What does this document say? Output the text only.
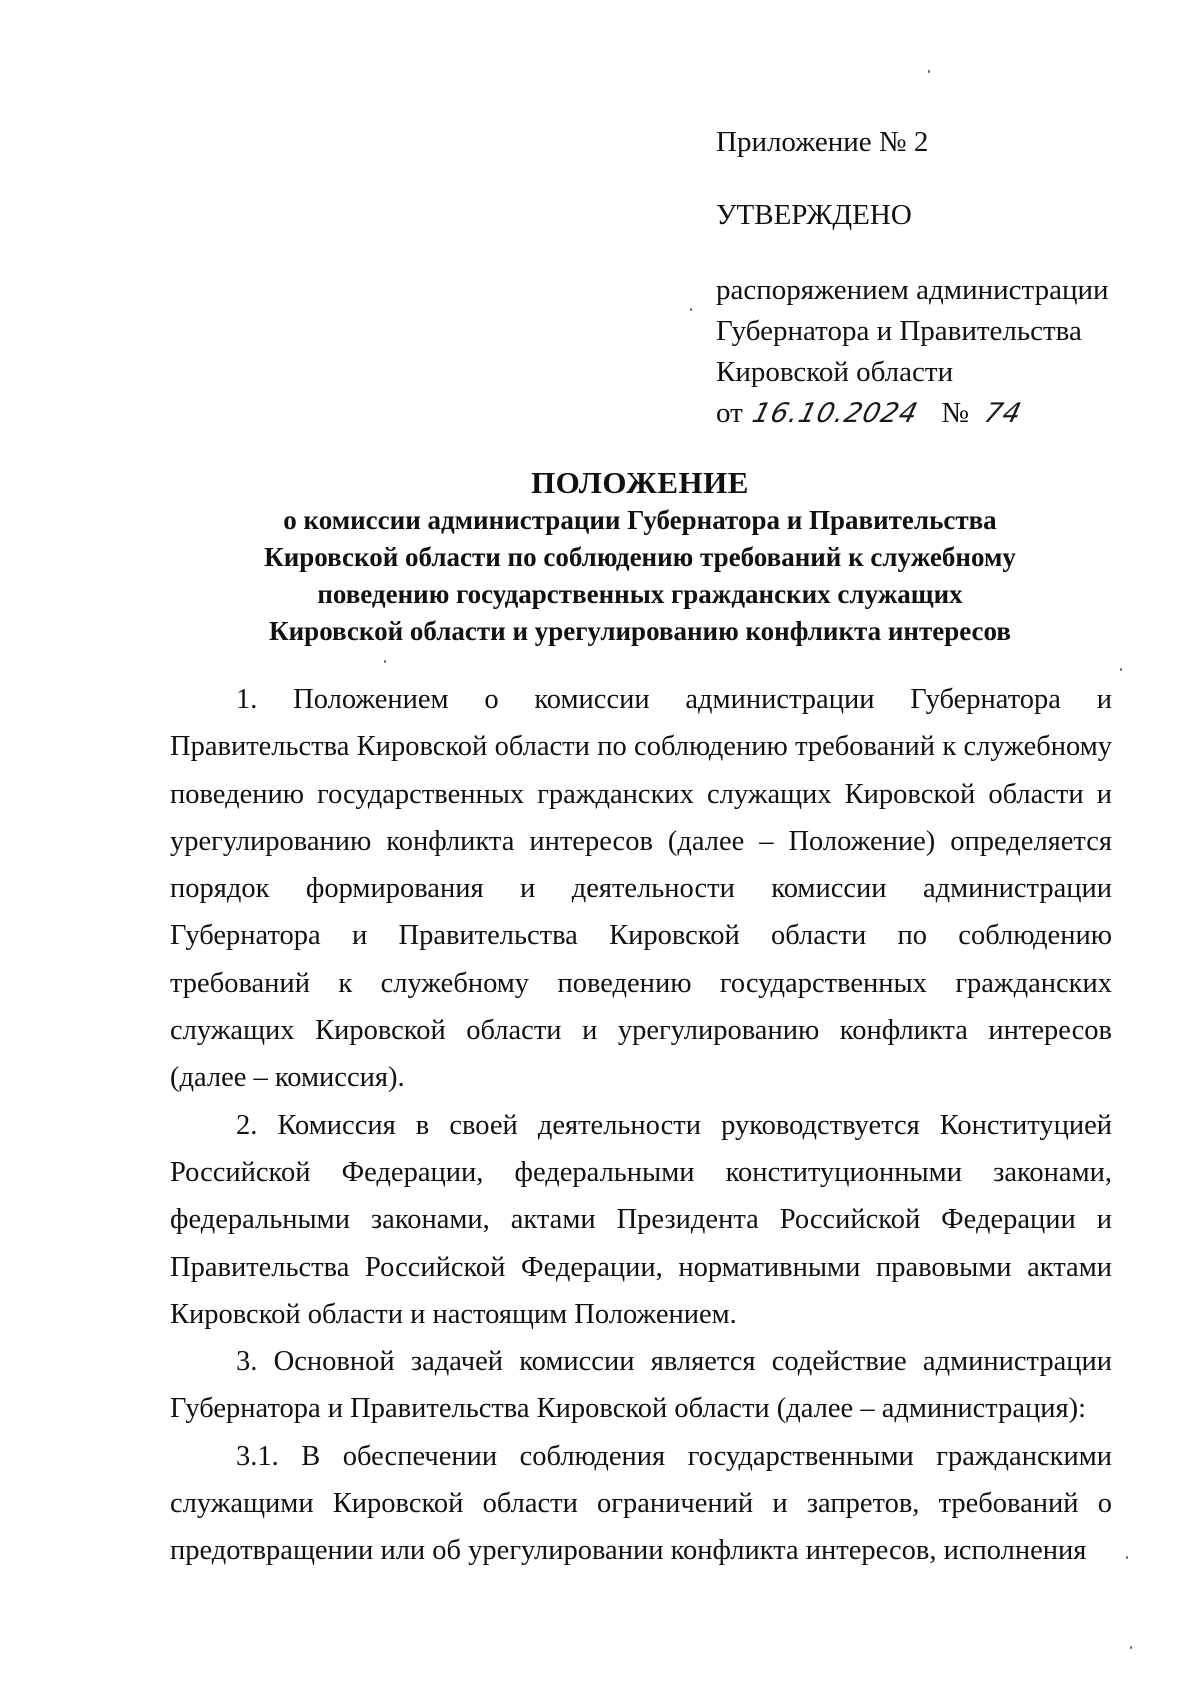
Приложение № 2
УТВЕРЖДЕНО
распоряжением администрации
Губернатора и Правительства
Кировской области
от 16.10.2024 № 74
ПОЛОЖЕНИЕ
о комиссии администрации Губернатора и Правительства
Кировской области по соблюдению требований к служебному
поведению государственных гражданских служащих
Кировской области и урегулированию конфликта интересов

1. Положением о комиссии администрации Губернатора и Правительства Кировской области по соблюдению требований к служебному поведению государственных гражданских служащих Кировской области и урегулированию конфликта интересов (далее – Положение) определяется порядок формирования и деятельности комиссии администрации Губернатора и Правительства Кировской области по соблюдению требований к служебному поведению государственных гражданских служащих Кировской области и урегулированию конфликта интересов (далее – комиссия).

2. Комиссия в своей деятельности руководствуется Конституцией Российской Федерации, федеральными конституционными законами, федеральными законами, актами Президента Российской Федерации и Правительства Российской Федерации, нормативными правовыми актами Кировской области и настоящим Положением.

3. Основной задачей комиссии является содействие администрации Губернатора и Правительства Кировской области (далее – администрация):

3.1. В обеспечении соблюдения государственными гражданскими служащими Кировской области ограничений и запретов, требований о предотвращении или об урегулировании конфликта интересов, исполнения
